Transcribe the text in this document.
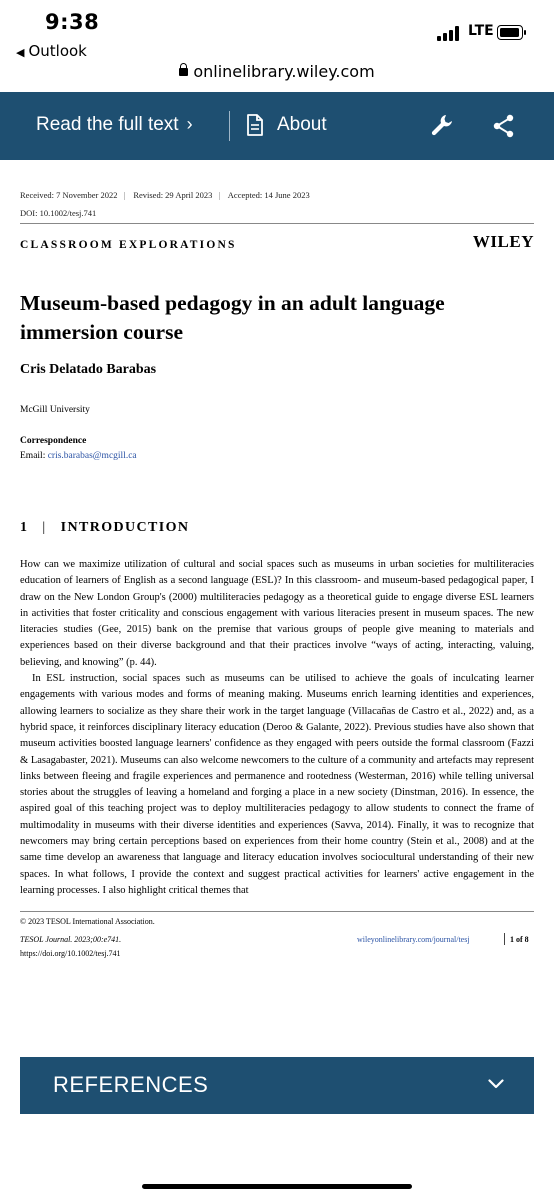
9:38
◀ Outlook
LTE
onlinelibrary.wiley.com
Read the full text ›	About
Received: 7 November 2022 | Revised: 29 April 2023 | Accepted: 14 June 2023
DOI: 10.1002/tesj.741
CLASSROOM EXPLORATIONS	WILEY
Museum-based pedagogy in an adult language immersion course
Cris Delatado Barabas
McGill University
Correspondence
Email: cris.barabas@mcgill.ca
1 | INTRODUCTION

How can we maximize utilization of cultural and social spaces such as museums in urban societies for multiliteracies education of learners of English as a second language (ESL)? In this classroom- and museum-based pedagogical paper, I draw on the New London Group's (2000) multiliteracies pedagogy as a theoretical guide to engage diverse ESL learners in activities that foster criticality and conscious engagement with various literacies present in museum spaces. The new literacies studies (Gee, 2015) bank on the premise that various groups of people give meaning to materials and experiences based on their diverse background and that their practices involve “ways of acting, interacting, valuing, believing, and knowing” (p. 44).

In ESL instruction, social spaces such as museums can be utilised to achieve the goals of inculcating learner engagements with various modes and forms of meaning making. Museums enrich learning identities and experiences, allowing learners to socialize as they share their work in the target language (Villacañas de Castro et al., 2022) and, as a hybrid space, it reinforces disciplinary literacy education (Deroo & Galante, 2022). Previous studies have also shown that museum activities boosted language learners' confidence as they engaged with peers outside the formal classroom (Fazzi & Lasagabaster, 2021). Museums can also welcome newcomers to the culture of a community and artefacts may represent links between fleeing and fragile experiences and permanence and rootedness (Westerman, 2016) while telling universal stories about the struggles of leaving a homeland and forging a place in a new society (Dinstman, 2016). In essence, the aspired goal of this teaching project was to deploy multiliteracies pedagogy to allow students to connect the frame of multimodality in museums with their diverse identities and experiences (Savva, 2014). Finally, it was to recognize that newcomers may bring certain perceptions based on experiences from their home country (Stein et al., 2008) and at the same time develop an awareness that language and literacy education involves sociocultural understanding of their new spaces. In what follows, I provide the context and suggest practical activities for learners' active engagement in the learning processes. I also highlight critical themes that

© 2023 TESOL International Association.
TESOL Journal. 2023;00:e741.
https://doi.org/10.1002/tesj.741
wileyonlinelibrary.com/journal/tesj	1 of 8
REFERENCES
